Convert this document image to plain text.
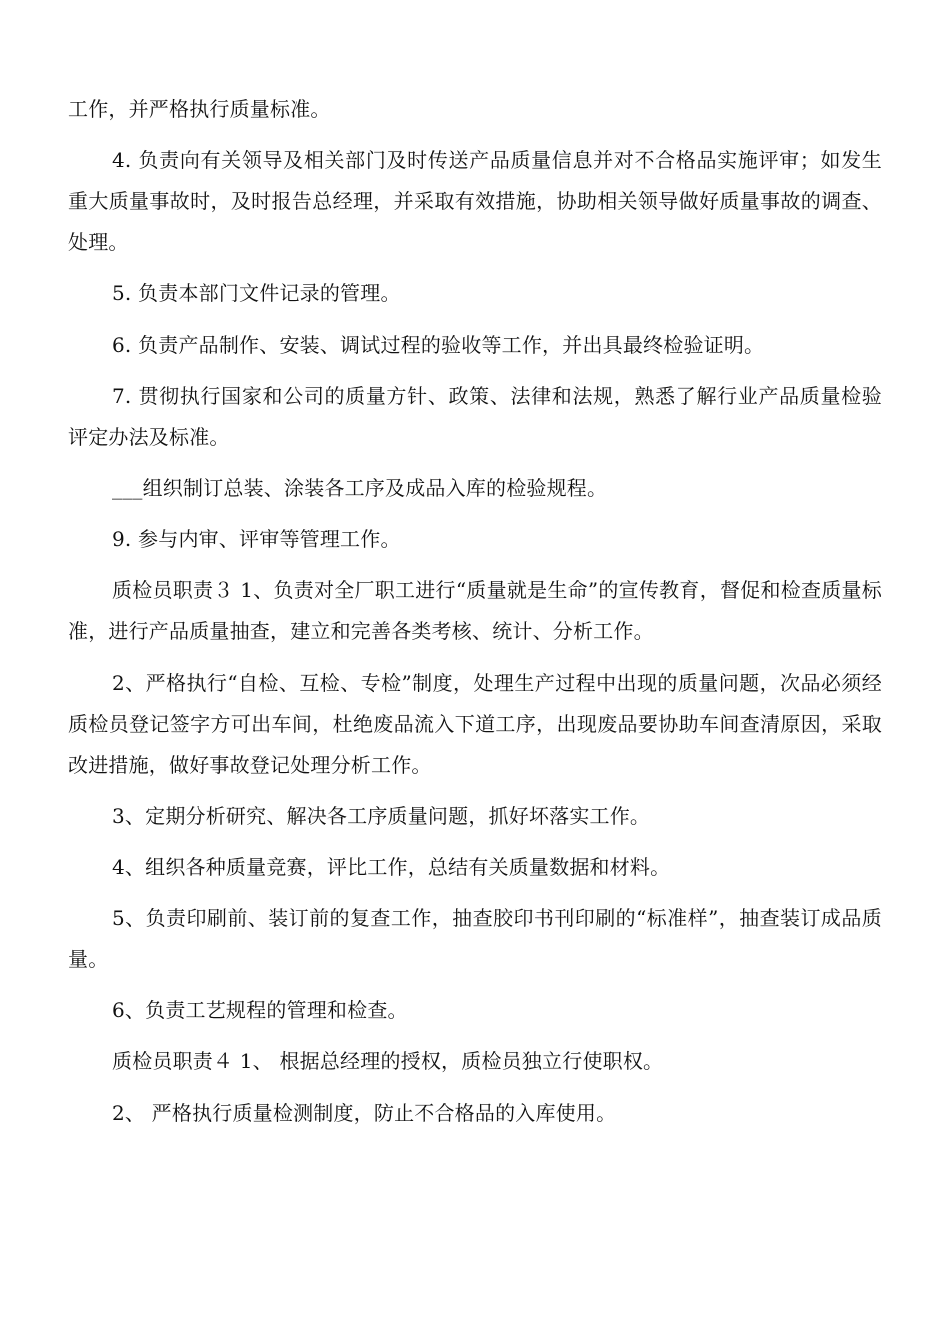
工作，并严格执行质量标准。

4. 负责向有关领导及相关部门及时传送产品质量信息并对不合格品实施评审；如发生重大质量事故时，及时报告总经理，并采取有效措施，协助相关领导做好质量事故的调查、处理。

5. 负责本部门文件记录的管理。

6. 负责产品制作、安装、调试过程的验收等工作，并出具最终检验证明。

7. 贯彻执行国家和公司的质量方针、政策、法律和法规，熟悉了解行业产品质量检验评定办法及标准。

___组织制订总装、涂装各工序及成品入库的检验规程。

9. 参与内审、评审等管理工作。

质检员职责３ 1、负责对全厂职工进行“质量就是生命”的宣传教育，督促和检查质量标准，进行产品质量抽查，建立和完善各类考核、统计、分析工作。

2、严格执行“自检、互检、专检”制度，处理生产过程中出现的质量问题，次品必须经质检员登记签字方可出车间，杜绝废品流入下道工序，出现废品要协助车间查清原因，采取改进措施，做好事故登记处理分析工作。

3、定期分析研究、解决各工序质量问题，抓好坏落实工作。

4、组织各种质量竞赛，评比工作，总结有关质量数据和材料。

5、负责印刷前、装订前的复查工作，抽查胶印书刊印刷的“标准样”，抽查装订成品质量。

6、负责工艺规程的管理和检查。

质检员职责４ 1、 根据总经理的授权，质检员独立行使职权。

2、 严格执行质量检测制度，防止不合格品的入库使用。
